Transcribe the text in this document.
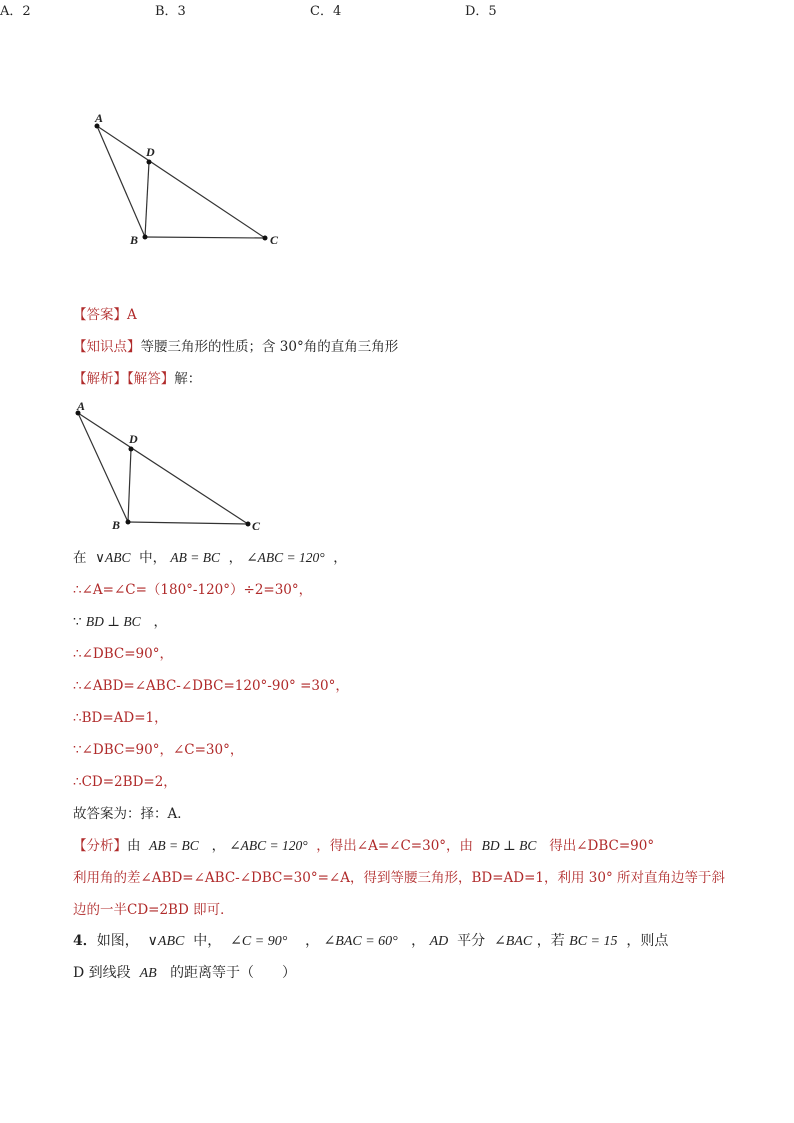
A
D
B	C
A．2	B．3	C．4	D．5
【答案】A
【知识点】等腰三角形的性质；含 30°角的直角三角形
【解析】【解答】解：
A
D
B	C
在 ∨ABC 中， AB = BC ， ∠ABC = 120° ，
∴∠A=∠C=（180°-120°）÷2=30°，
∵ BD ⊥ BC ，
∴∠DBC=90°，
∴∠ABD=∠ABC-∠DBC=120°-90° =30°，
∴BD=AD=1，
∵∠DBC=90°，∠C=30°，
∴CD=2BD=2，
故答案为：择：A．
【分析】由 AB = BC ， ∠ABC = 120° ，得出∠A=∠C=30°，由 BD ⊥ BC 得出∠DBC=90°
利用角的差∠ABD=∠ABC-∠DBC=30°=∠A，得到等腰三角形，BD=AD=1，利用 30° 所对直角边等于斜
边的一半CD=2BD 即可．
4．如图， ∨ABC 中， ∠C = 90° ， ∠BAC = 60° ， AD 平分 ∠BAC ，若 BC = 15 ，则点
D 到线段 AB 的距离等于（　　）
